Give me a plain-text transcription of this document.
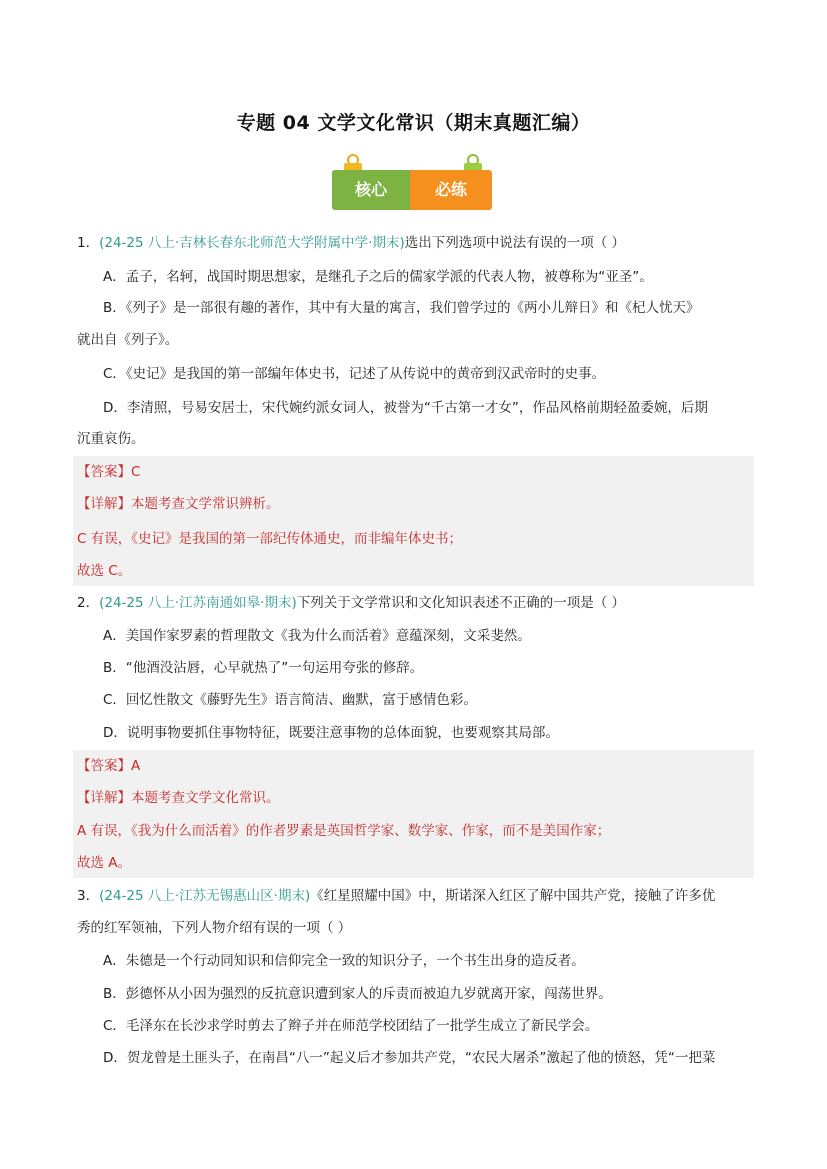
专题 04 文学文化常识（期末真题汇编）
核心	必练
1．(24-25 八上·吉林长春东北师范大学附属中学·期末)选出下列选项中说法有误的一项（ ）
A．孟子，名轲，战国时期思想家，是继孔子之后的儒家学派的代表人物，被尊称为“亚圣”。
B．《列子》是一部很有趣的著作，其中有大量的寓言，我们曾学过的《两小儿辩日》和《杞人忧天》
就出自《列子》。
C．《史记》是我国的第一部编年体史书，记述了从传说中的黄帝到汉武帝时的史事。
D．李清照，号易安居士，宋代婉约派女词人，被誉为“千古第一才女”，作品风格前期轻盈委婉，后期
沉重哀伤。
【答案】C
【详解】本题考查文学常识辨析。
C 有误，《史记》是我国的第一部纪传体通史，而非编年体史书；
故选 C。
2．(24-25 八上·江苏南通如皋·期末)下列关于文学常识和文化知识表述不正确的一项是（ ）
A．美国作家罗素的哲理散文《我为什么而活着》意蕴深刻，文采斐然。
B．“他酒没沾唇，心早就热了”一句运用夸张的修辞。
C．回忆性散文《藤野先生》语言简洁、幽默，富于感情色彩。
D．说明事物要抓住事物特征，既要注意事物的总体面貌，也要观察其局部。
【答案】A
【详解】本题考查文学文化常识。
A 有误，《我为什么而活着》的作者罗素是英国哲学家、数学家、作家，而不是美国作家；
故选 A。
3．(24-25 八上·江苏无锡惠山区·期末)《红星照耀中国》中，斯诺深入红区了解中国共产党，接触了许多优
秀的红军领袖，下列人物介绍有误的一项（ ）
A．朱德是一个行动同知识和信仰完全一致的知识分子，一个书生出身的造反者。
B．彭德怀从小因为强烈的反抗意识遭到家人的斥责而被迫九岁就离开家，闯荡世界。
C．毛泽东在长沙求学时剪去了辫子并在师范学校团结了一批学生成立了新民学会。
D．贺龙曾是土匪头子，在南昌“八一”起义后才参加共产党，“农民大屠杀”激起了他的愤怒，凭“一把菜
